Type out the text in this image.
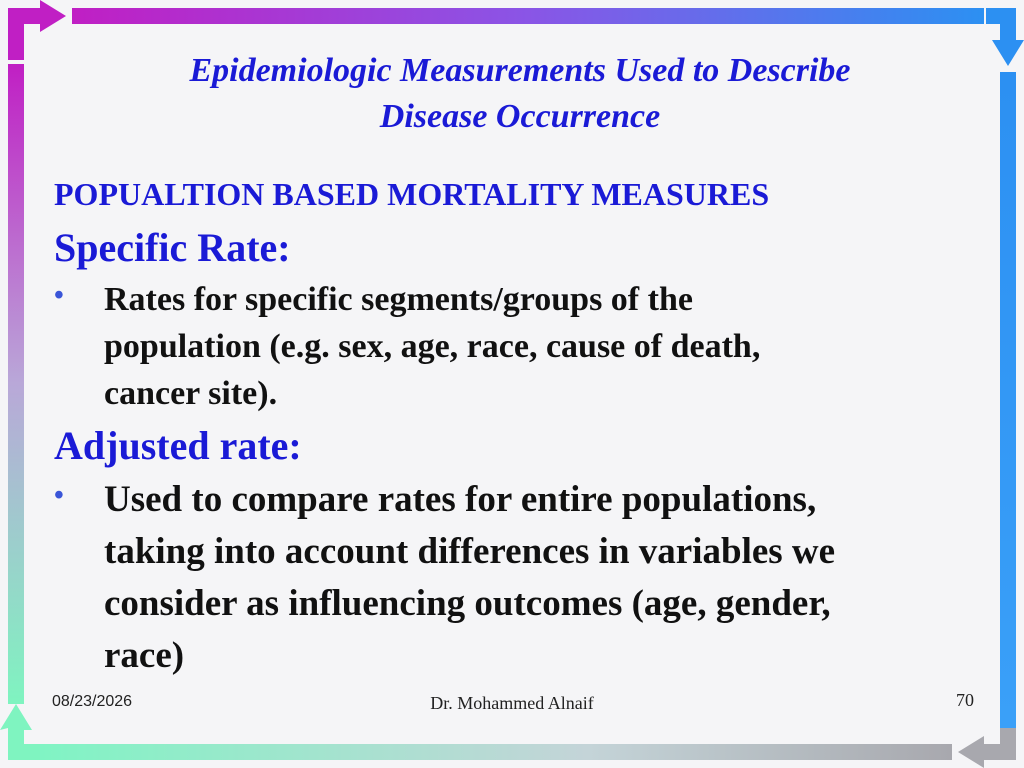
Epidemiologic Measurements Used to Describe
Disease Occurrence
POPUALTION BASED MORTALITY MEASURES
Specific Rate:
• Rates for specific segments/groups of the
population (e.g. sex, age, race, cause of death,
cancer site).
Adjusted rate:
• Used to compare rates for entire populations,
taking into account differences in variables we
consider as influencing outcomes (age, gender,
race)
08/23/2026	Dr. Mohammed Alnaif	70
